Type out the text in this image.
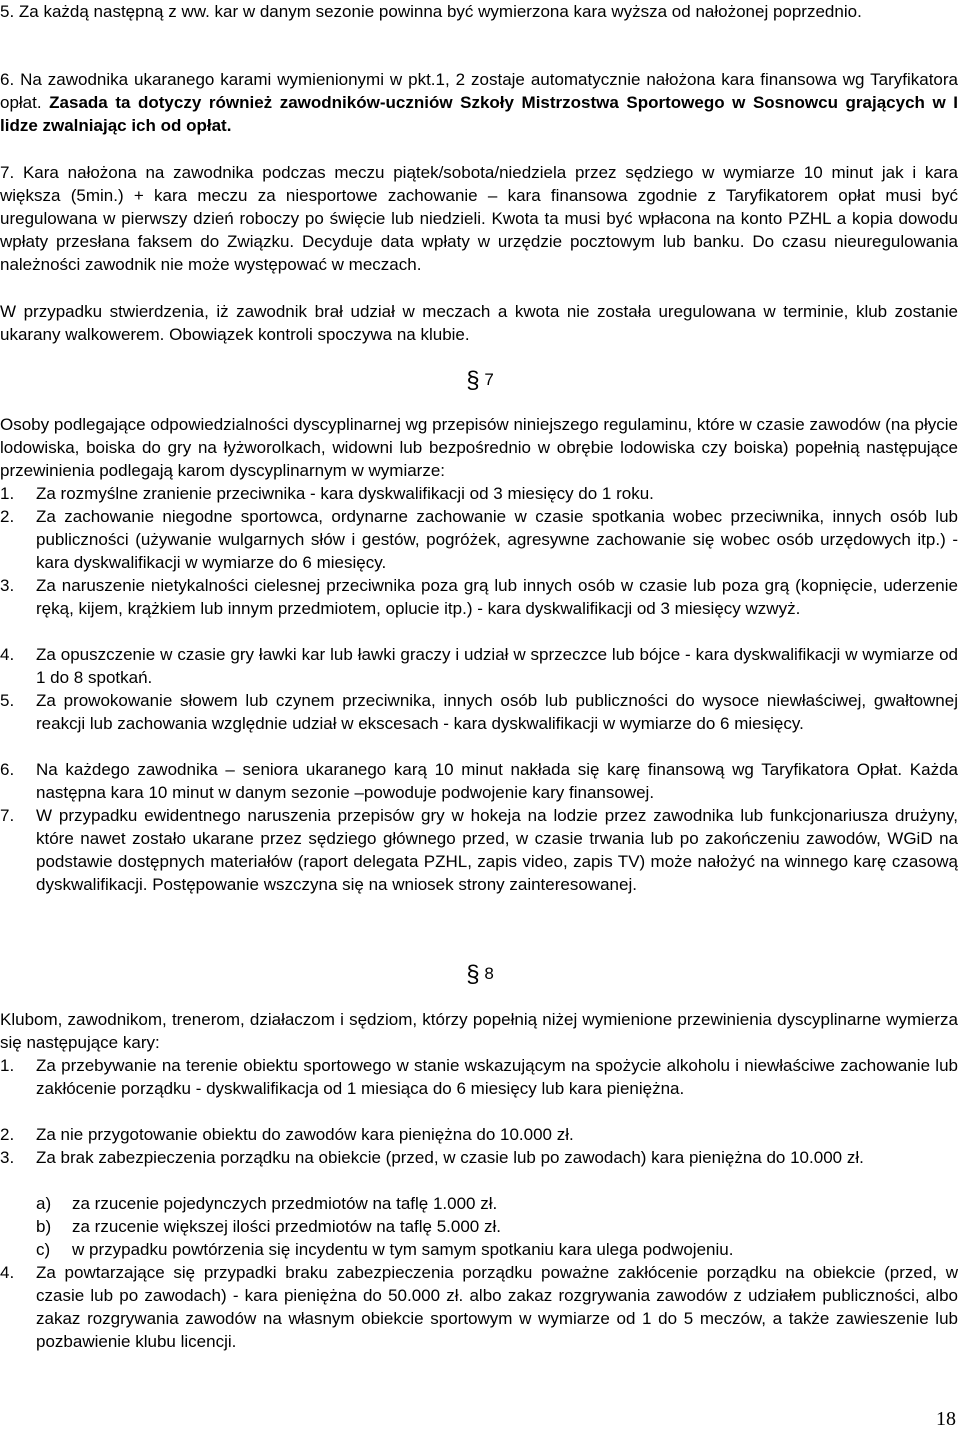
5. Za każdą następną z ww. kar w danym sezonie powinna być wymierzona kara wyższa od nałożonej poprzednio.

6. Na zawodnika ukaranego karami wymienionymi w pkt.1, 2 zostaje automatycznie nałożona kara finansowa wg Taryfikatora opłat. Zasada ta dotyczy również zawodników-uczniów Szkoły Mistrzostwa Sportowego w Sosnowcu grających w I lidze zwalniając ich od opłat.

7. Kara nałożona na zawodnika podczas meczu piątek/sobota/niedziela przez sędziego w wymiarze 10 minut jak i kara większa (5min.) + kara meczu za niesportowe zachowanie – kara finansowa zgodnie z Taryfikatorem opłat musi być uregulowana w pierwszy dzień roboczy po święcie lub niedzieli. Kwota ta musi być wpłacona na konto PZHL a kopia dowodu wpłaty przesłana faksem do Związku. Decyduje data wpłaty w urzędzie pocztowym lub banku. Do czasu nieuregulowania należności zawodnik nie może występować w meczach.

W przypadku stwierdzenia, iż zawodnik brał udział w meczach a kwota nie została uregulowana w terminie, klub zostanie ukarany walkowerem. Obowiązek kontroli spoczywa na klubie.

§ 7

Osoby podlegające odpowiedzialności dyscyplinarnej wg przepisów niniejszego regulaminu, które w czasie zawodów (na płycie lodowiska, boiska do gry na łyżworolkach, widowni lub bezpośrednio w obrębie lodowiska czy boiska) popełnią następujące przewinienia podlegają karom dyscyplinarnym w wymiarze:

1. Za rozmyślne zranienie przeciwnika - kara dyskwalifikacji od 3 miesięcy do 1 roku.
2. Za zachowanie niegodne sportowca, ordynarne zachowanie w czasie spotkania wobec przeciwnika, innych osób lub publiczności (używanie wulgarnych słów i gestów, pogróżek, agresywne zachowanie się wobec osób urzędowych itp.) - kara dyskwalifikacji w wymiarze do 6 miesięcy.
3. Za naruszenie nietykalności cielesnej przeciwnika poza grą lub innych osób w czasie lub poza grą (kopnięcie, uderzenie ręką, kijem, krążkiem lub innym przedmiotem, oplucie itp.) - kara dyskwalifikacji od 3 miesięcy wzwyż.
4. Za opuszczenie w czasie gry ławki kar lub ławki graczy i udział w sprzeczce lub bójce - kara dyskwalifikacji w wymiarze od 1 do 8 spotkań.
5. Za prowokowanie słowem lub czynem przeciwnika, innych osób lub publiczności do wysoce niewłaściwej, gwałtownej reakcji lub zachowania względnie udział w ekscesach - kara dyskwalifikacji w wymiarze do 6 miesięcy.
6. Na każdego zawodnika – seniora ukaranego karą 10 minut nakłada się karę finansową wg Taryfikatora Opłat. Każda następna kara 10 minut w danym sezonie –powoduje podwojenie kary finansowej.
7. W przypadku ewidentnego naruszenia przepisów gry w hokeja na lodzie przez zawodnika lub funkcjonariusza drużyny, które nawet zostało ukarane przez sędziego głównego przed, w czasie trwania lub po zakończeniu zawodów, WGiD na podstawie dostępnych materiałów (raport delegata PZHL, zapis video, zapis TV) może nałożyć na winnego karę czasową dyskwalifikacji. Postępowanie wszczyna się na wniosek strony zainteresowanej.
§ 8

Klubom, zawodnikom, trenerom, działaczom i sędziom, którzy popełnią niżej wymienione przewinienia dyscyplinarne wymierza się następujące kary:

1. Za przebywanie na terenie obiektu sportowego w stanie wskazującym na spożycie alkoholu i niewłaściwe zachowanie lub zakłócenie porządku - dyskwalifikacja od 1 miesiąca do 6 miesięcy lub kara pieniężna.
2. Za nie przygotowanie obiektu do zawodów kara pieniężna do 10.000 zł.
3. Za brak zabezpieczenia porządku na obiekcie (przed, w czasie lub po zawodach) kara pieniężna do 10.000 zł.
a) za rzucenie pojedynczych przedmiotów na taflę 1.000 zł.
b) za rzucenie większej ilości przedmiotów na taflę 5.000 zł.
c) w przypadku powtórzenia się incydentu w tym samym spotkaniu kara ulega podwojeniu.
4. Za powtarzające się przypadki braku zabezpieczenia porządku poważne zakłócenie porządku na obiekcie (przed, w czasie lub po zawodach) - kara pieniężna do 50.000 zł. albo zakaz rozgrywania zawodów z udziałem publiczności, albo zakaz rozgrywania zawodów na własnym obiekcie sportowym w wymiarze od 1 do 5 meczów, a także zawieszenie lub pozbawienie klubu licencji.
18
